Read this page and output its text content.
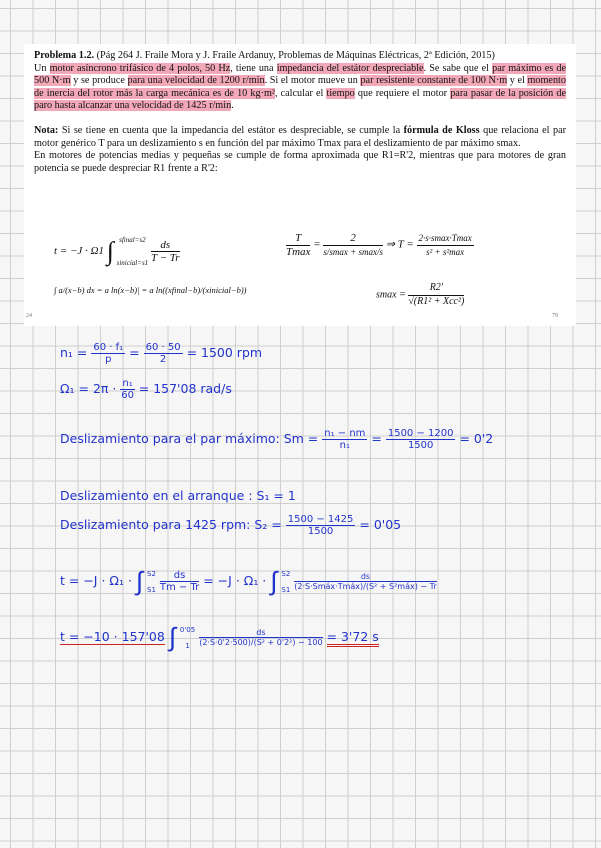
Problema 1.2. (Pág 264 J. Fraile Mora y J. Fraile Ardanuy, Problemas de Máquinas Eléctricas, 2ª Edición, 2015)
Un motor asíncrono trifásico de 4 polos, 50 Hz, tiene una impedancia del estátor despreciable. Se sabe que el par máximo es de 500 N·m y se produce para una velocidad de 1200 r/min. Si el motor mueve un par resistente constante de 100 N·m y el momento de inercia del rotor más la carga mecánica es de 10 kg·m², calcular el tiempo que requiere el motor para pasar de la posición de paro hasta alcanzar una velocidad de 1425 r/min.

Nota: Si se tiene en cuenta que la impedancia del estátor es despreciable, se cumple la fórmula de Kloss que relaciona el par motor genérico T para un deslizamiento s en función del par máximo Tmax para el deslizamiento de par máximo smax.
En motores de potencias medias y pequeñas se cumple de forma aproximada que R1=R'2, mientras que para motores de gran potencia se puede despreciar R1 frente a R'2:

t = −J · Ω1 ∫ sfinal=s2
sinicial=s1
$\frac{ds}{T - Tr}$	$\frac{T}{Tmax} = \frac{2}{s/smax + smax/s}$ ⇒ $T = \frac{2\cdot s\cdot smax\cdot Tmax}{\text{s² + s²max}}$
∫ a/(x−b) dx = a ln(x−b)| = a ln((xfinal−b)/(xinicial−b))	$smax = \frac{R2'}{\text{√(R1² + Xcc²)}}$
24	79
$n_1 = \frac{\text{60 · f₁}}{p} = \frac{60 \cdot 50}{2} = 1500$ rpm
$\Omega_1 = 2\pi \cdot \frac{\text{n₁}}{60} = 157'08$ rad/s
Deslizamiento para el par máximo: $Sm = \frac{\text{n₁ − nm}}{\text{n₁}} = \frac{1500 - 1200}{1500} = 0'2$
Deslizamiento en el arranque : S₁ = 1
Deslizamiento para 1425 rpm: $S_2 = \frac{1500 - 1425}{1500} = 0'05$
t = −J · Ω₁ · ∫ S2
S1
$\frac{ds}{Tm - Tr} = -J \cdot \Omega_1$ · ∫ S2
S1

ds
(2·S·Smáx·Tmáx)/(S² + S²máx) − Tr
t = −10 · 157'08 ∫ 0'05
1
	$\frac{ds}{\text{(2·S·0'2·500)/(S² + 0'2²) − 100}} = 3'72$ s
